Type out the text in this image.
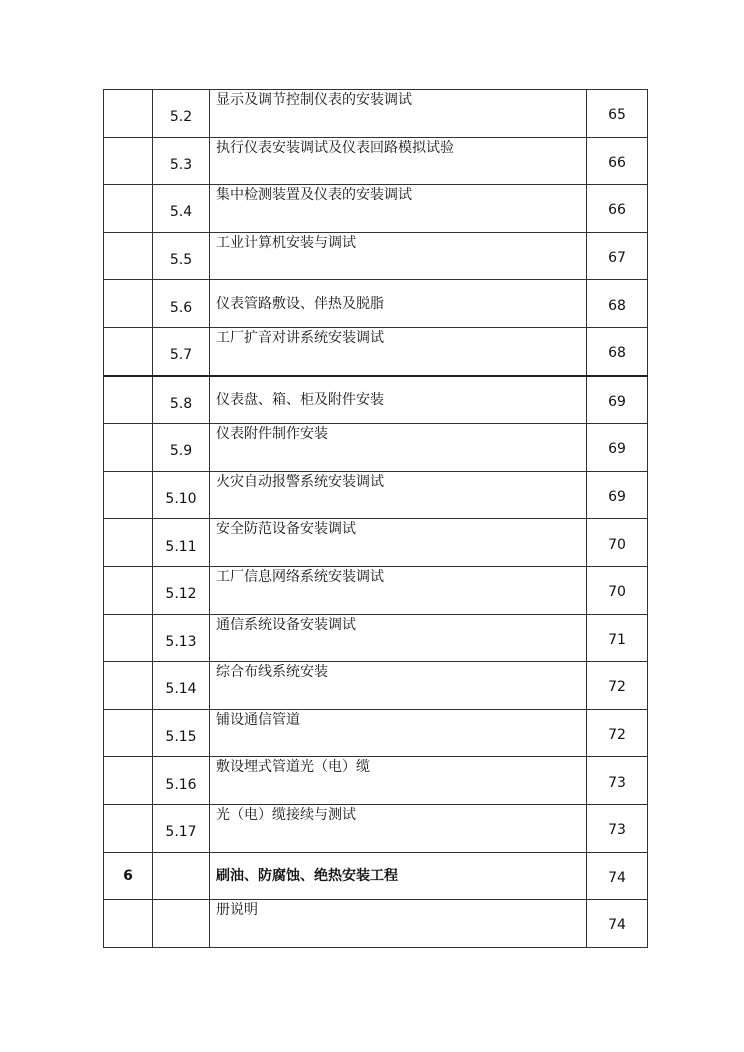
	5.2	显示及调节控制仪表的安装调试	65
	5.3	执行仪表安装调试及仪表回路模拟试验	66
	5.4	集中检测装置及仪表的安装调试	66
	5.5	工业计算机安装与调试	67
	5.6	仪表管路敷设、伴热及脱脂	68
	5.7	工厂扩音对讲系统安装调试	68
	5.8	仪表盘、箱、柜及附件安装	69
	5.9	仪表附件制作安装	69
	5.10	火灾自动报警系统安装调试	69
	5.11	安全防范设备安装调试	70
	5.12	工厂信息网络系统安装调试	70
	5.13	通信系统设备安装调试	71
	5.14	综合布线系统安装	72
	5.15	铺设通信管道	72
	5.16	敷设埋式管道光（电）缆	73
	5.17	光（电）缆接续与测试	73
6		刷油、防腐蚀、绝热安装工程	74
		册说明	74
